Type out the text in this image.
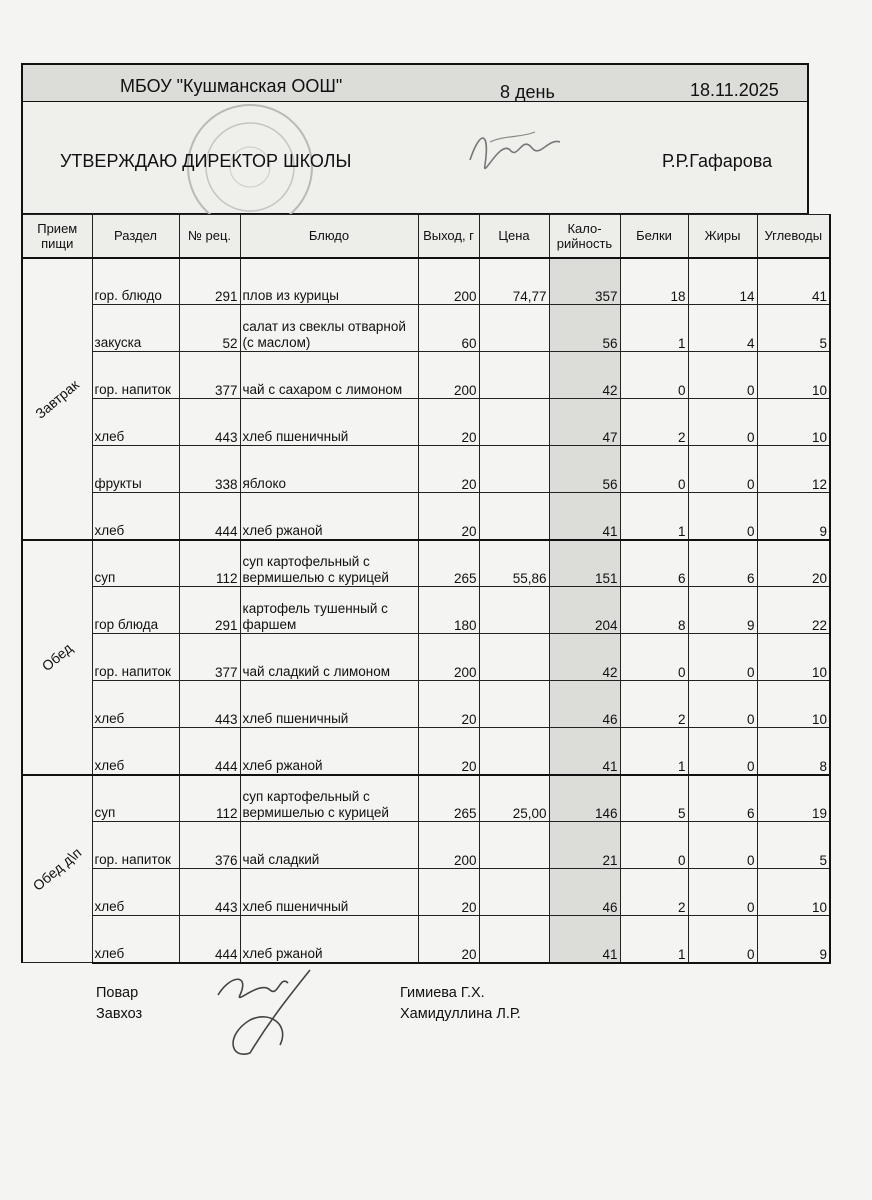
МБОУ "Кушманская ООШ"	8 день	18.11.2025
УТВЕРЖДАЮ ДИРЕКТОР ШКОЛЫ	Р.Р.Гафарова
Прием пищи	Раздел	№ рец.	Блюдо	Выход, г	Цена	Кало-рийность	Белки	Жиры	Углеводы

Завтрак	гор. блюдо	291	плов из курицы	200	74,77	357	18	14	41
	закуска	52	салат из свеклы отварной (с маслом)	60		56	1	4	5
	гор. напиток	377	чай с сахаром с лимоном	200		42	0	0	10
	хлеб	443	хлеб пшеничный	20		47	2	0	10
	фрукты	338	яблоко	20		56	0	0	12
	хлеб	444	хлеб ржаной	20		41	1	0	9

Обед	суп	112	суп картофельный с вермишелью с курицей	265	55,86	151	6	6	20
	гор блюда	291	картофель тушенный с фаршем	180		204	8	9	22
	гор. напиток	377	чай сладкий с лимоном	200		42	0	0	10
	хлеб	443	хлеб пшеничный	20		46	2	0	10
	хлеб	444	хлеб ржаной	20		41	1	0	8

Обед д\п	суп	112	суп картофельный с вермишелью с курицей	265	25,00	146	5	6	19
	гор. напиток	376	чай сладкий	200		21	0	0	5
	хлеб	443	хлеб пшеничный	20		46	2	0	10
	хлеб	444	хлеб ржаной	20		41	1	0	9
Повар
Завхоз
Гимиева Г.Х.
Хамидуллина Л.Р.
